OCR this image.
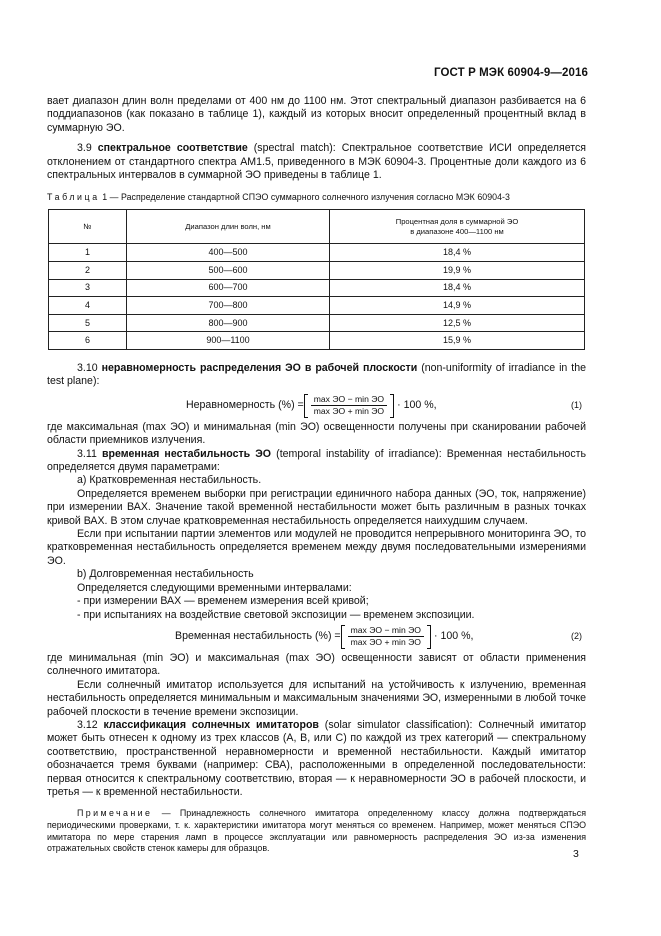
ГОСТ Р МЭК 60904-9—2016

вает диапазон длин волн пределами от 400 нм до 1100 нм. Этот спектральный диапазон разбивается на 6 поддиапазонов (как показано в таблице 1), каждый из которых вносит определенный процентный вклад в суммарную ЭО.

3.9 спектральное соответствие (spectral match): Спектральное соответствие ИСИ определяется отклонением от стандартного спектра АМ1.5, приведенного в МЭК 60904-3. Процентные доли каждого из 6 спектральных интервалов в суммарной ЭО приведены в таблице 1.

Таблица 1 — Распределение стандартной СПЭО суммарного солнечного излучения согласно МЭК 60904-3
№	Диапазон длин волн, нм	Процентная доля в суммарной ЭО
в диапазоне 400—1100 нм

1	400—500	18,4 %
2	500—600	19,9 %
3	600—700	18,4 %
4	700—800	14,9 %
5	800—900	12,5 %
6	900—1100	15,9 %

3.10 неравномерность распределения ЭО в рабочей плоскости (non-uniformity of irradiance in the test plane):

Неравномерность (%) = $\frac{\text{max ЭО − min ЭО}}{\text{max ЭО + min ЭО}} \cdot 100$ %,	(1)

где максимальная (max ЭО) и минимальная (min ЭО) освещенности получены при сканировании рабочей области приемников излучения.

3.11 временная нестабильность ЭО (temporal instability of irradiance): Временная нестабильность определяется двумя параметрами:

a) Кратковременная нестабильность.

Определяется временем выборки при регистрации единичного набора данных (ЭО, ток, напряжение) при измерении ВАХ. Значение такой временной нестабильности может быть различным в разных точках кривой ВАХ. В этом случае кратковременная нестабильность определяется наихудшим случаем.

Если при испытании партии элементов или модулей не проводится непрерывного мониторинга ЭО, то кратковременная нестабильность определяется временем между двумя последовательными измерениями ЭО.

b) Долговременная нестабильность

Определяется следующими временными интервалами:

- при измерении ВАХ — временем измерения всей кривой;

- при испытаниях на воздействие световой экспозиции — временем экспозиции.

Временная нестабильность (%) = $\frac{\text{max ЭО − min ЭО}}{\text{max ЭО + min ЭО}} \cdot 100$ %,	(2)

где минимальная (min ЭО) и максимальная (max ЭО) освещенности зависят от области применения солнечного имитатора.

Если солнечный имитатор используется для испытаний на устойчивость к излучению, временная нестабильность определяется минимальным и максимальным значениями ЭО, измеренными в любой точке рабочей плоскости в течение времени экспозиции.

3.12 классификация солнечных имитаторов (solar simulator classification): Солнечный имитатор может быть отнесен к одному из трех классов (А, В, или С) по каждой из трех категорий — спектральному соответствию, пространственной неравномерности и временной нестабильности. Каждый имитатор обозначается тремя буквами (например: СВА), расположенными в определенной последовательности: первая относится к спектральному соответствию, вторая — к неравномерности ЭО в рабочей плоскости, и третья — к временной нестабильности.

Примечание — Принадлежность солнечного имитатора определенному классу должна подтверждаться периодическими проверками, т. к. характеристики имитатора могут меняться со временем. Например, может меняться СПЭО имитатора по мере старения ламп в процессе эксплуатации или равномерность распределения ЭО из-за изменения отражательных свойств стенок камеры для образцов.	3
